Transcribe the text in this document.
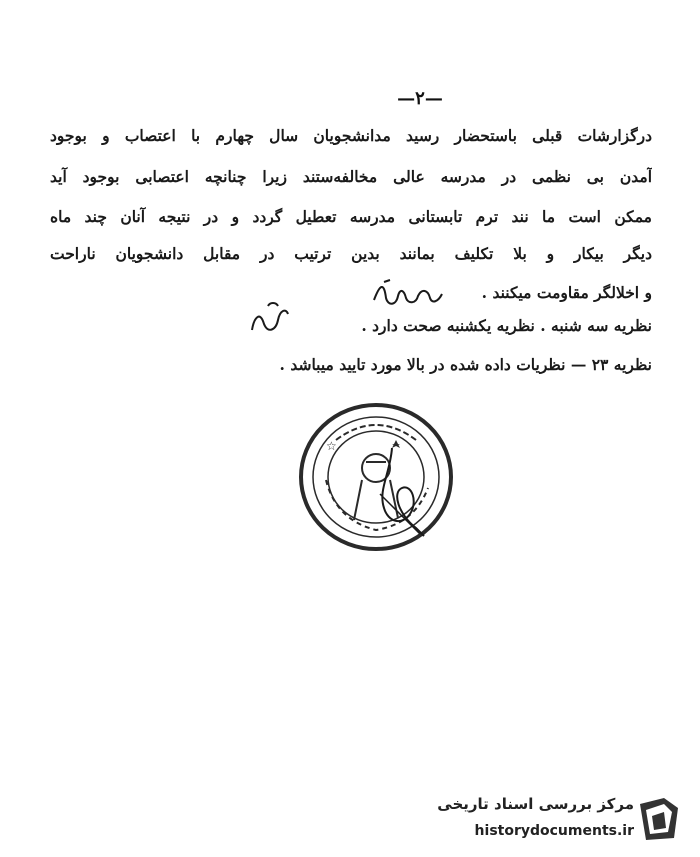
—۲—
درگزارشات قبلی باستحضار رسید مدانشجویان سال چهارم با اعتصاب و بوجود
آمدن بی نظمی در مدرسه عالی مخالفه‌ستند زیرا چنانچه اعتصابی بوجود آید
ممکن است ما نند ترم تابستانی مدرسه تعطیل گردد و در نتیجه آنان چند ماه
دیگر بیکار و بلا تکلیف بمانند بدین ترتیب در مقابل دانشجویان ناراحت
و اخلالگر مقاومت میکنند .
نظریه سه شنبه . نظریه یکشنبه صحت دارد .
نظریه ۲۳ — نظریات داده شده در بالا مورد تایید میباشد .
☆
مرکز بررسی اسناد تاریخی
historydocuments.ir
